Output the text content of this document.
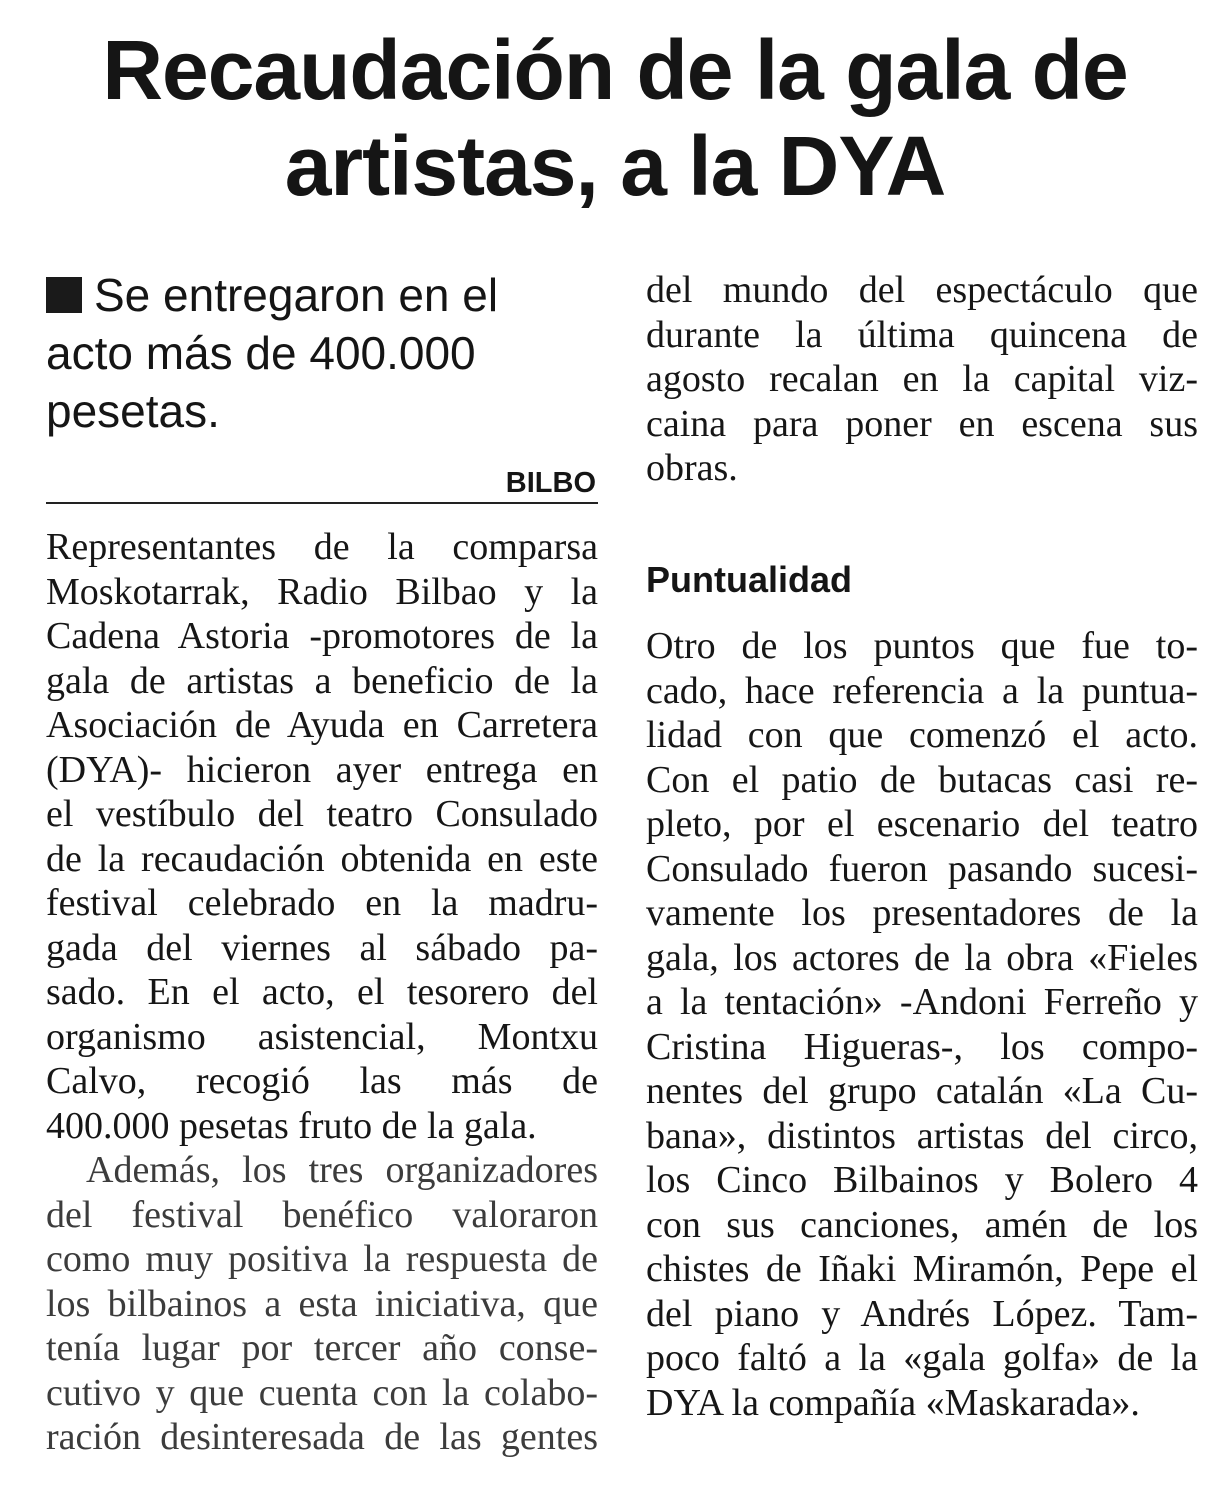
Recaudación de la gala de
artistas, a la DYA
Se entregaron en el
acto más de 400.000
pesetas.
BILBO
Representantes de la comparsa
Moskotarrak, Radio Bilbao y la
Cadena Astoria -promotores de la
gala de artistas a beneficio de la
Asociación de Ayuda en Carretera
(DYA)- hicieron ayer entrega en
el vestíbulo del teatro Consulado
de la recaudación obtenida en este
festival celebrado en la madru-
gada del viernes al sábado pa-
sado. En el acto, el tesorero del
organismo asistencial, Montxu
Calvo, recogió las más de
400.000 pesetas fruto de la gala.
Además, los tres organizadores
del festival benéfico valoraron
como muy positiva la respuesta de
los bilbainos a esta iniciativa, que
tenía lugar por tercer año conse-
cutivo y que cuenta con la colabo-
ración desinteresada de las gentes
del mundo del espectáculo que
durante la última quincena de
agosto recalan en la capital viz-
caina para poner en escena sus
obras.
Puntualidad
Otro de los puntos que fue to-
cado, hace referencia a la puntua-
lidad con que comenzó el acto.
Con el patio de butacas casi re-
pleto, por el escenario del teatro
Consulado fueron pasando sucesi-
vamente los presentadores de la
gala, los actores de la obra «Fieles
a la tentación» -Andoni Ferreño y
Cristina Higueras-, los compo-
nentes del grupo catalán «La Cu-
bana», distintos artistas del circo,
los Cinco Bilbainos y Bolero 4
con sus canciones, amén de los
chistes de Iñaki Miramón, Pepe el
del piano y Andrés López. Tam-
poco faltó a la «gala golfa» de la
DYA la compañía «Maskarada».
